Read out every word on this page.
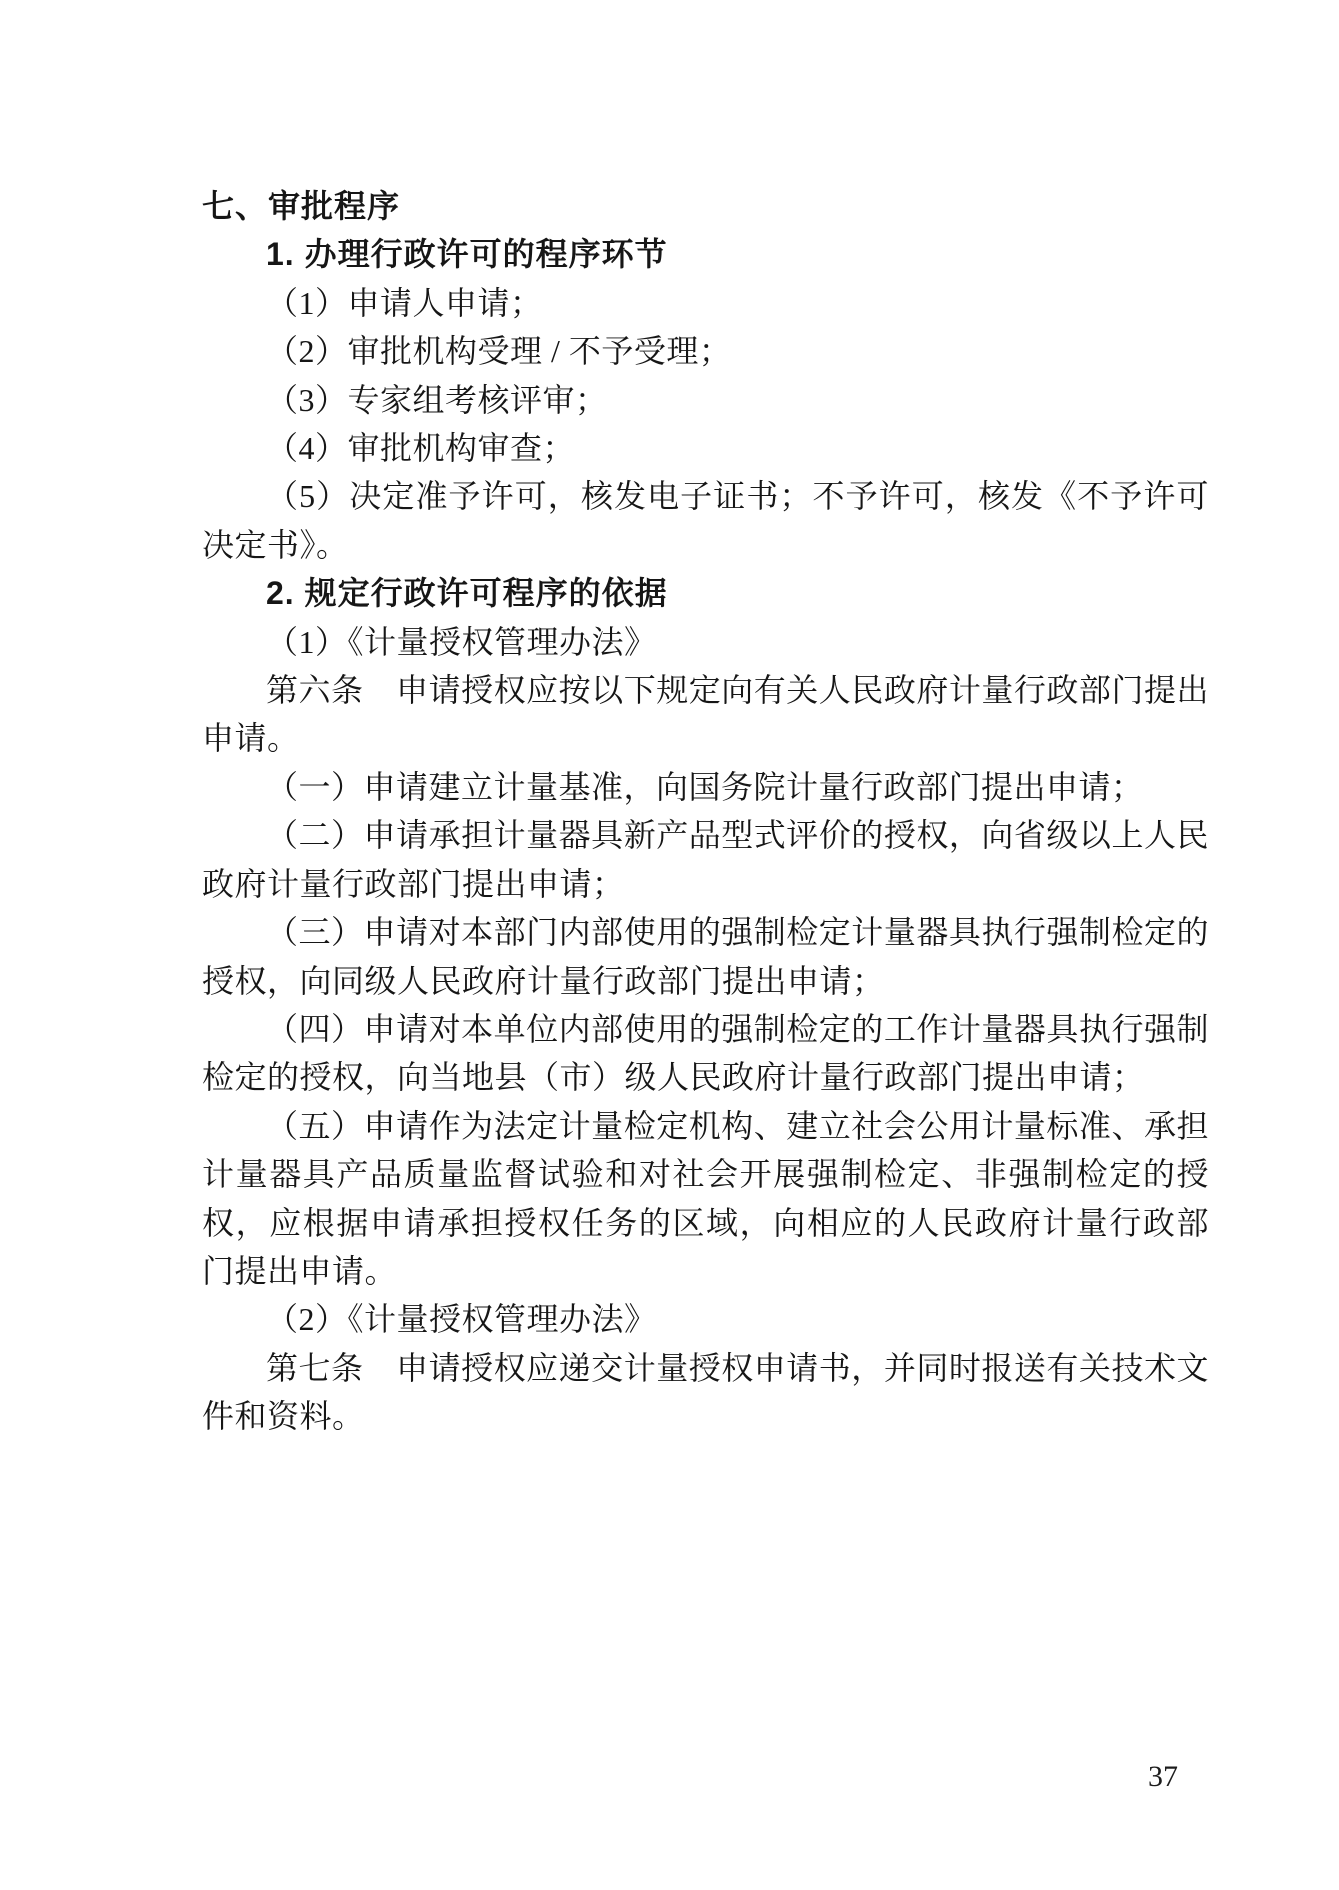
七、审批程序

1. 办理行政许可的程序环节

（1）申请人申请；

（2）审批机构受理 / 不予受理；

（3）专家组考核评审；

（4）审批机构审查；

（5）决定准予许可，核发电子证书；不予许可，核发《不予许可决定书》。

2. 规定行政许可程序的依据

（1）《计量授权管理办法》

第六条　申请授权应按以下规定向有关人民政府计量行政部门提出申请。

（一）申请建立计量基准，向国务院计量行政部门提出申请；

（二）申请承担计量器具新产品型式评价的授权，向省级以上人民政府计量行政部门提出申请；

（三）申请对本部门内部使用的强制检定计量器具执行强制检定的授权，向同级人民政府计量行政部门提出申请；

（四）申请对本单位内部使用的强制检定的工作计量器具执行强制检定的授权，向当地县（市）级人民政府计量行政部门提出申请；

（五）申请作为法定计量检定机构、建立社会公用计量标准、承担计量器具产品质量监督试验和对社会开展强制检定、非强制检定的授权，应根据申请承担授权任务的区域，向相应的人民政府计量行政部门提出申请。

（2）《计量授权管理办法》

第七条　申请授权应递交计量授权申请书，并同时报送有关技术文件和资料。

37
